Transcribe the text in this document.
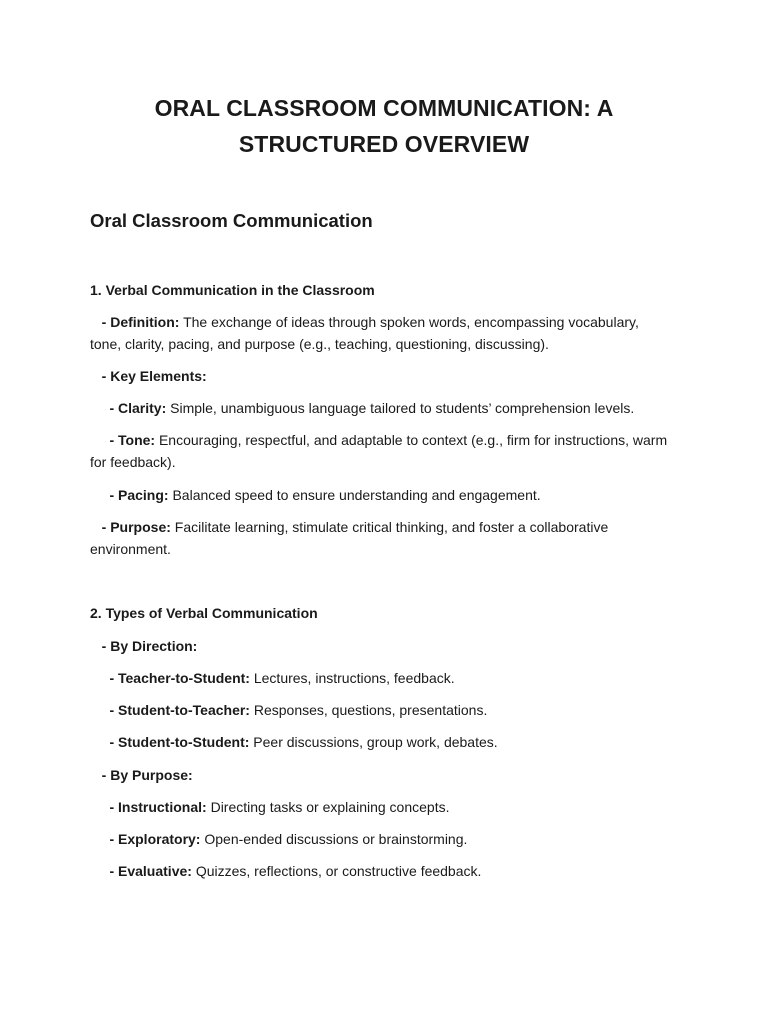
ORAL CLASSROOM COMMUNICATION: A
STRUCTURED OVERVIEW
Oral Classroom Communication

1. Verbal Communication in the Classroom

- Definition: The exchange of ideas through spoken words, encompassing vocabulary, tone, clarity, pacing, and purpose (e.g., teaching, questioning, discussing).

- Key Elements:

- Clarity: Simple, unambiguous language tailored to students’ comprehension levels.

- Tone: Encouraging, respectful, and adaptable to context (e.g., firm for instructions, warm for feedback).

- Pacing: Balanced speed to ensure understanding and engagement.

- Purpose: Facilitate learning, stimulate critical thinking, and foster a collaborative environment.

2. Types of Verbal Communication

- By Direction:

- Teacher-to-Student: Lectures, instructions, feedback.

- Student-to-Teacher: Responses, questions, presentations.

- Student-to-Student: Peer discussions, group work, debates.

- By Purpose:

- Instructional: Directing tasks or explaining concepts.

- Exploratory: Open-ended discussions or brainstorming.

- Evaluative: Quizzes, reflections, or constructive feedback.
